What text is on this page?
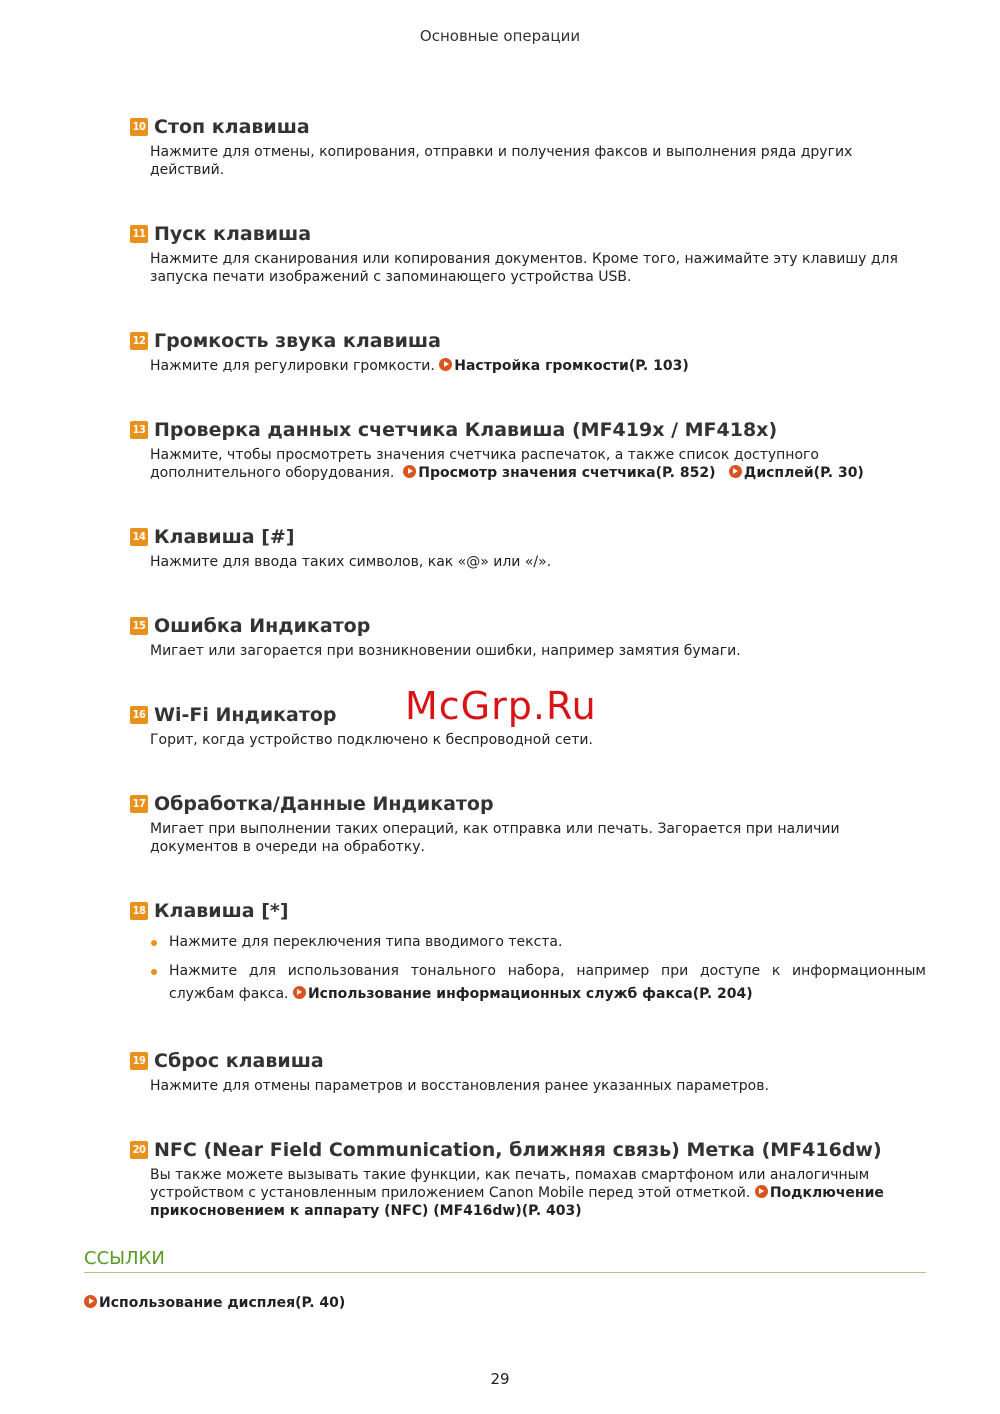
Основные операции
10 Стоп клавиша
Нажмите для отмены, копирования, отправки и получения факсов и выполнения ряда других действий.
11 Пуск клавиша
Нажмите для сканирования или копирования документов. Кроме того, нажимайте эту клавишу для запуска печати изображений с запоминающего устройства USB.
12 Громкость звука клавиша
Нажмите для регулировки громкости. Настройка громкости(P. 103)
13 Проверка данных счетчика Клавиша (MF419x / MF418x)
Нажмите, чтобы просмотреть значения счетчика распечаток, а также список доступного дополнительного оборудования. Просмотр значения счетчика(P. 852) Дисплей(P. 30)
14 Клавиша [#]
Нажмите для ввода таких символов, как «@» или «/».
15 Ошибка Индикатор
Мигает или загорается при возникновении ошибки, например замятия бумаги.
16 Wi-Fi Индикатор
Горит, когда устройство подключено к беспроводной сети.
McGrp.Ru
17 Обработка/Данные Индикатор
Мигает при выполнении таких операций, как отправка или печать. Загорается при наличии документов в очереди на обработку.
18 Клавиша [*]
Нажмите для переключения типа вводимого текста.
Нажмите для использования тонального набора, например при доступе к информационным службам факса. Использование информационных служб факса(P. 204)
19 Сброс клавиша
Нажмите для отмены параметров и восстановления ранее указанных параметров.
20 NFC (Near Field Communication, ближняя связь) Метка (MF416dw)
Вы также можете вызывать такие функции, как печать, помахав смартфоном или аналогичным устройством с установленным приложением Canon Mobile перед этой отметкой. Подключение прикосновением к аппарату (NFC) (MF416dw)(P. 403)
ССЫЛКИ
Использование дисплея(P. 40)
29
